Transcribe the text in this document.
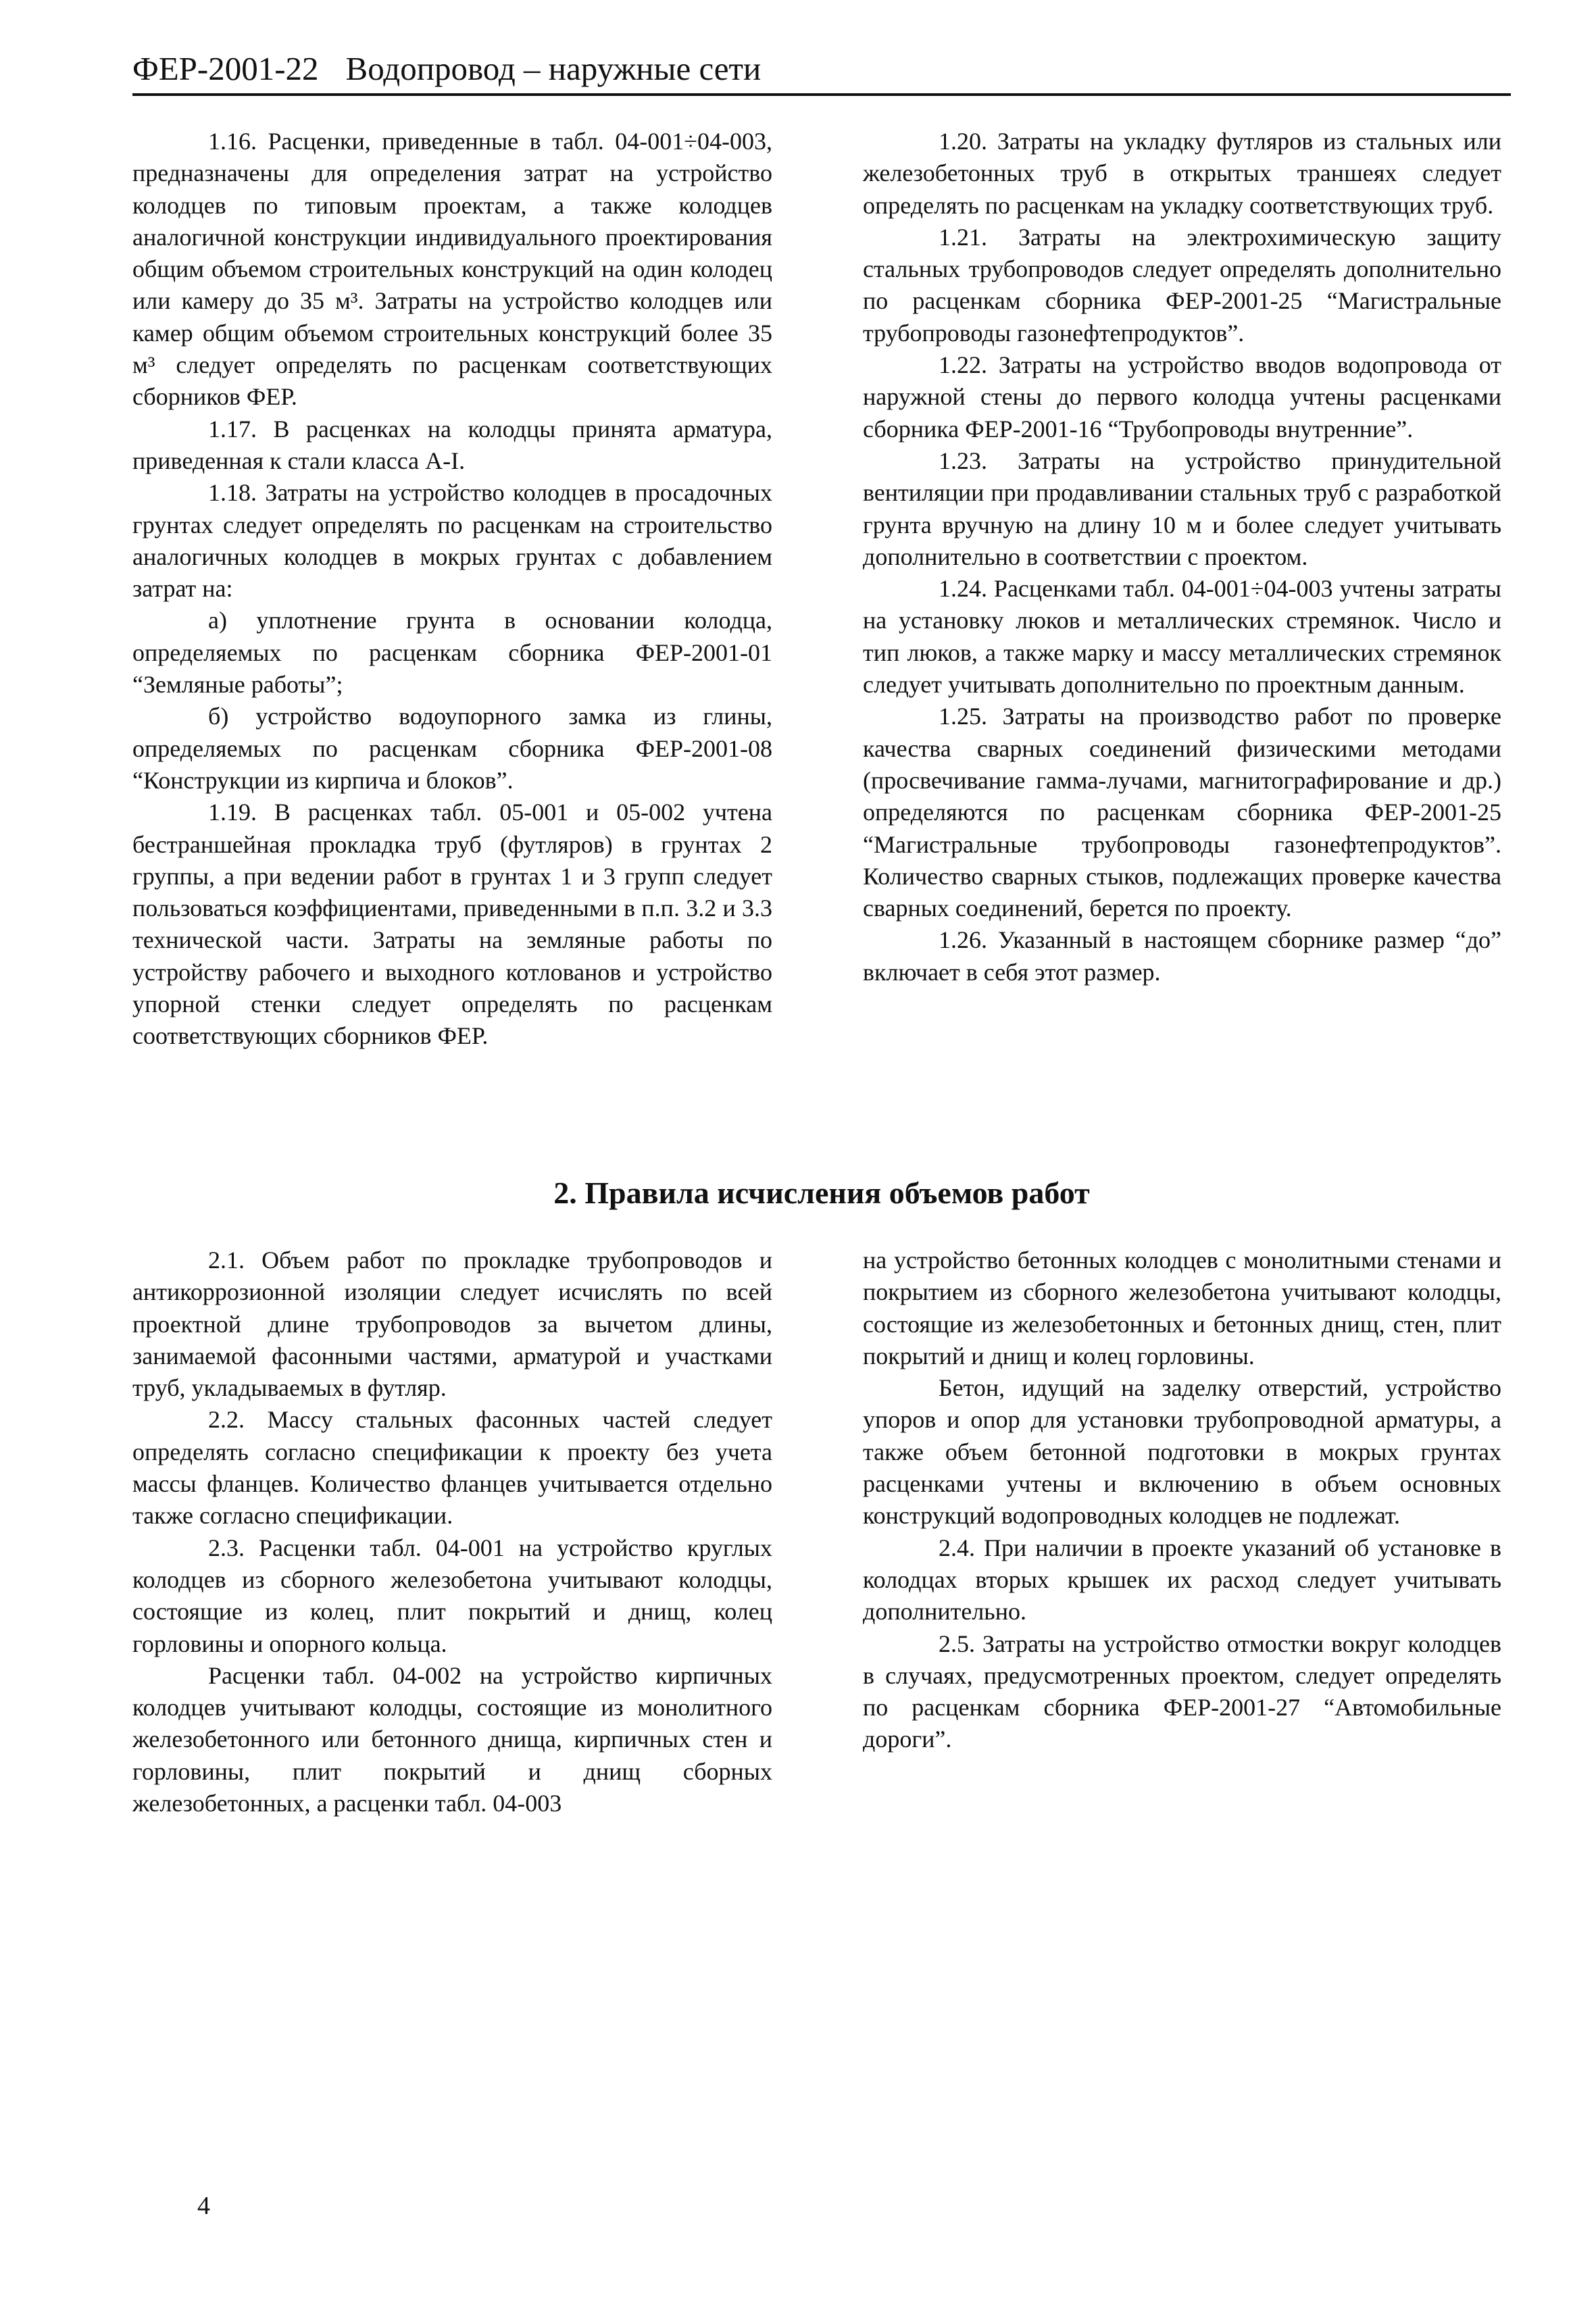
ФЕР-2001-22 Водопровод – наружные сети

1.16. Расценки, приведенные в табл. 04-001÷04-003, предназначены для определения затрат на устройство колодцев по типовым проектам, а также колодцев аналогичной конструкции индивидуального проектирования общим объемом строительных конструкций на один колодец или камеру до 35 м³. Затраты на устройство колодцев или камер общим объемом строительных конструкций более 35 м³ следует определять по расценкам соответствующих сборников ФЕР.

1.17. В расценках на колодцы принята арматура, приведенная к стали класса А-I.

1.18. Затраты на устройство колодцев в просадочных грунтах следует определять по расценкам на строительство аналогичных колодцев в мокрых грунтах с добавлением затрат на:

а) уплотнение грунта в основании колодца, определяемых по расценкам сборника ФЕР-2001-01 “Земляные работы”;

б) устройство водоупорного замка из глины, определяемых по расценкам сборника ФЕР-2001-08 “Конструкции из кирпича и блоков”.

1.19. В расценках табл. 05-001 и 05-002 учтена бестраншейная прокладка труб (футляров) в грунтах 2 группы, а при ведении работ в грунтах 1 и 3 групп следует пользоваться коэффициентами, приведенными в п.п. 3.2 и 3.3 технической части. Затраты на земляные работы по устройству рабочего и выходного котлованов и устройство упорной стенки следует определять по расценкам соответствующих сборников ФЕР.

1.20. Затраты на укладку футляров из стальных или железобетонных труб в открытых траншеях следует определять по расценкам на укладку соответствующих труб.

1.21. Затраты на электрохимическую защиту стальных трубопроводов следует определять дополнительно по расценкам сборника ФЕР-2001-25 “Магистральные трубопроводы газонефтепродуктов”.

1.22. Затраты на устройство вводов водопровода от наружной стены до первого колодца учтены расценками сборника ФЕР-2001-16 “Трубопроводы внутренние”.

1.23. Затраты на устройство принудительной вентиляции при продавливании стальных труб с разработкой грунта вручную на длину 10 м и более следует учитывать дополнительно в соответствии с проектом.

1.24. Расценками табл. 04-001÷04-003 учтены затраты на установку люков и металлических стремянок. Число и тип люков, а также марку и массу металлических стремянок следует учитывать дополнительно по проектным данным.

1.25. Затраты на производство работ по проверке качества сварных соединений физическими методами (просвечивание гамма-лучами, магнитографирование и др.) определяются по расценкам сборника ФЕР-2001-25 “Магистральные трубопроводы газонефтепродуктов”. Количество сварных стыков, подлежащих проверке качества сварных соединений, берется по проекту.

1.26. Указанный в настоящем сборнике размер “до” включает в себя этот размер.

2. Правила исчисления объемов работ

2.1. Объем работ по прокладке трубопроводов и антикоррозионной изоляции следует исчислять по всей проектной длине трубопроводов за вычетом длины, занимаемой фасонными частями, арматурой и участками труб, укладываемых в футляр.

2.2. Массу стальных фасонных частей следует определять согласно спецификации к проекту без учета массы фланцев. Количество фланцев учитывается отдельно также согласно спецификации.

2.3. Расценки табл. 04-001 на устройство круглых колодцев из сборного железобетона учитывают колодцы, состоящие из колец, плит покрытий и днищ, колец горловины и опорного кольца.

Расценки табл. 04-002 на устройство кирпичных колодцев учитывают колодцы, состоящие из монолитного железобетонного или бетонного днища, кирпичных стен и горловины, плит покрытий и днищ сборных железобетонных, а расценки табл. 04-003

на устройство бетонных колодцев с монолитными стенами и покрытием из сборного железобетона учитывают колодцы, состоящие из железобетонных и бетонных днищ, стен, плит покрытий и днищ и колец горловины.

Бетон, идущий на заделку отверстий, устройство упоров и опор для установки трубопроводной арматуры, а также объем бетонной подготовки в мокрых грунтах расценками учтены и включению в объем основных конструкций водопроводных колодцев не подлежат.

2.4. При наличии в проекте указаний об установке в колодцах вторых крышек их расход следует учитывать дополнительно.

2.5. Затраты на устройство отмостки вокруг колодцев в случаях, предусмотренных проектом, следует определять по расценкам сборника ФЕР-2001-27 “Автомобильные дороги”.

4
